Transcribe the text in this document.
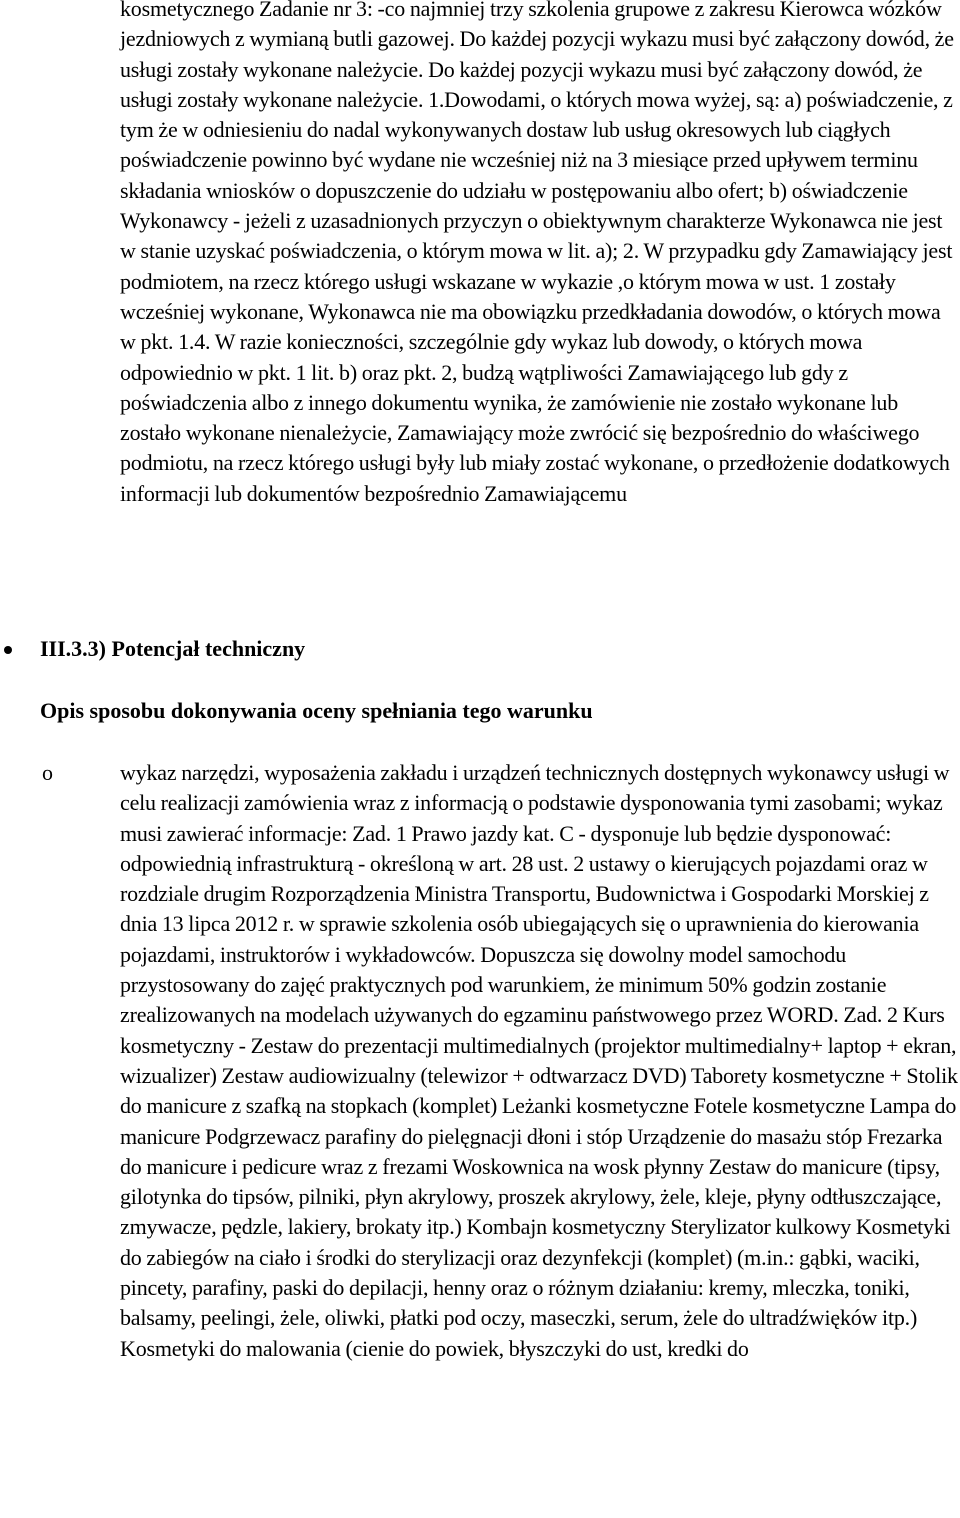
kosmetycznego Zadanie nr 3: -co najmniej trzy szkolenia grupowe z zakresu Kierowca wózków jezdniowych z wymianą butli gazowej. Do każdej pozycji wykazu musi być załączony dowód, że usługi zostały wykonane należycie. Do każdej pozycji wykazu musi być załączony dowód, że usługi zostały wykonane należycie. 1.Dowodami, o których mowa wyżej, są: a) poświadczenie, z tym że w odniesieniu do nadal wykonywanych dostaw lub usług okresowych lub ciągłych poświadczenie powinno być wydane nie wcześniej niż na 3 miesiące przed upływem terminu składania wniosków o dopuszczenie do udziału w postępowaniu albo ofert; b) oświadczenie Wykonawcy - jeżeli z uzasadnionych przyczyn o obiektywnym charakterze Wykonawca nie jest w stanie uzyskać poświadczenia, o którym mowa w lit. a); 2. W przypadku gdy Zamawiający jest podmiotem, na rzecz którego usługi wskazane w wykazie ,o którym mowa w ust. 1 zostały wcześniej wykonane, Wykonawca nie ma obowiązku przedkładania dowodów, o których mowa w pkt. 1.4. W razie konieczności, szczególnie gdy wykaz lub dowody, o których mowa odpowiednio w pkt. 1 lit. b) oraz pkt. 2, budzą wątpliwości Zamawiającego lub gdy z poświadczenia albo z innego dokumentu wynika, że zamówienie nie zostało wykonane lub zostało wykonane nienależycie, Zamawiający może zwrócić się bezpośrednio do właściwego podmiotu, na rzecz którego usługi były lub miały zostać wykonane, o przedłożenie dodatkowych informacji lub dokumentów bezpośrednio Zamawiającemu

III.3.3) Potencjał techniczny

Opis sposobu dokonywania oceny spełniania tego warunku

o	wykaz narzędzi, wyposażenia zakładu i urządzeń technicznych dostępnych wykonawcy usługi w celu realizacji zamówienia wraz z informacją o podstawie dysponowania tymi zasobami; wykaz musi zawierać informacje: Zad. 1 Prawo jazdy kat. C - dysponuje lub będzie dysponować: odpowiednią infrastrukturą - określoną w art. 28 ust. 2 ustawy o kierujących pojazdami oraz w rozdziale drugim Rozporządzenia Ministra Transportu, Budownictwa i Gospodarki Morskiej z dnia 13 lipca 2012 r. w sprawie szkolenia osób ubiegających się o uprawnienia do kierowania pojazdami, instruktorów i wykładowców. Dopuszcza się dowolny model samochodu przystosowany do zajęć praktycznych pod warunkiem, że minimum 50% godzin zostanie zrealizowanych na modelach używanych do egzaminu państwowego przez WORD. Zad. 2 Kurs kosmetyczny - Zestaw do prezentacji multimedialnych (projektor multimedialny+ laptop + ekran, wizualizer) Zestaw audiowizualny (telewizor + odtwarzacz DVD) Taborety kosmetyczne + Stolik do manicure z szafką na stopkach (komplet) Leżanki kosmetyczne Fotele kosmetyczne Lampa do manicure Podgrzewacz parafiny do pielęgnacji dłoni i stóp Urządzenie do masażu stóp Frezarka do manicure i pedicure wraz z frezami Woskownica na wosk płynny Zestaw do manicure (tipsy, gilotynka do tipsów, pilniki, płyn akrylowy, proszek akrylowy, żele, kleje, płyny odtłuszczające, zmywacze, pędzle, lakiery, brokaty itp.) Kombajn kosmetyczny Sterylizator kulkowy Kosmetyki do zabiegów na ciało i środki do sterylizacji oraz dezynfekcji (komplet) (m.in.: gąbki, waciki, pincety, parafiny, paski do depilacji, henny oraz o różnym działaniu: kremy, mleczka, toniki, balsamy, peelingi, żele, oliwki, płatki pod oczy, maseczki, serum, żele do ultradźwięków itp.) Kosmetyki do malowania (cienie do powiek, błyszczyki do ust, kredki do
